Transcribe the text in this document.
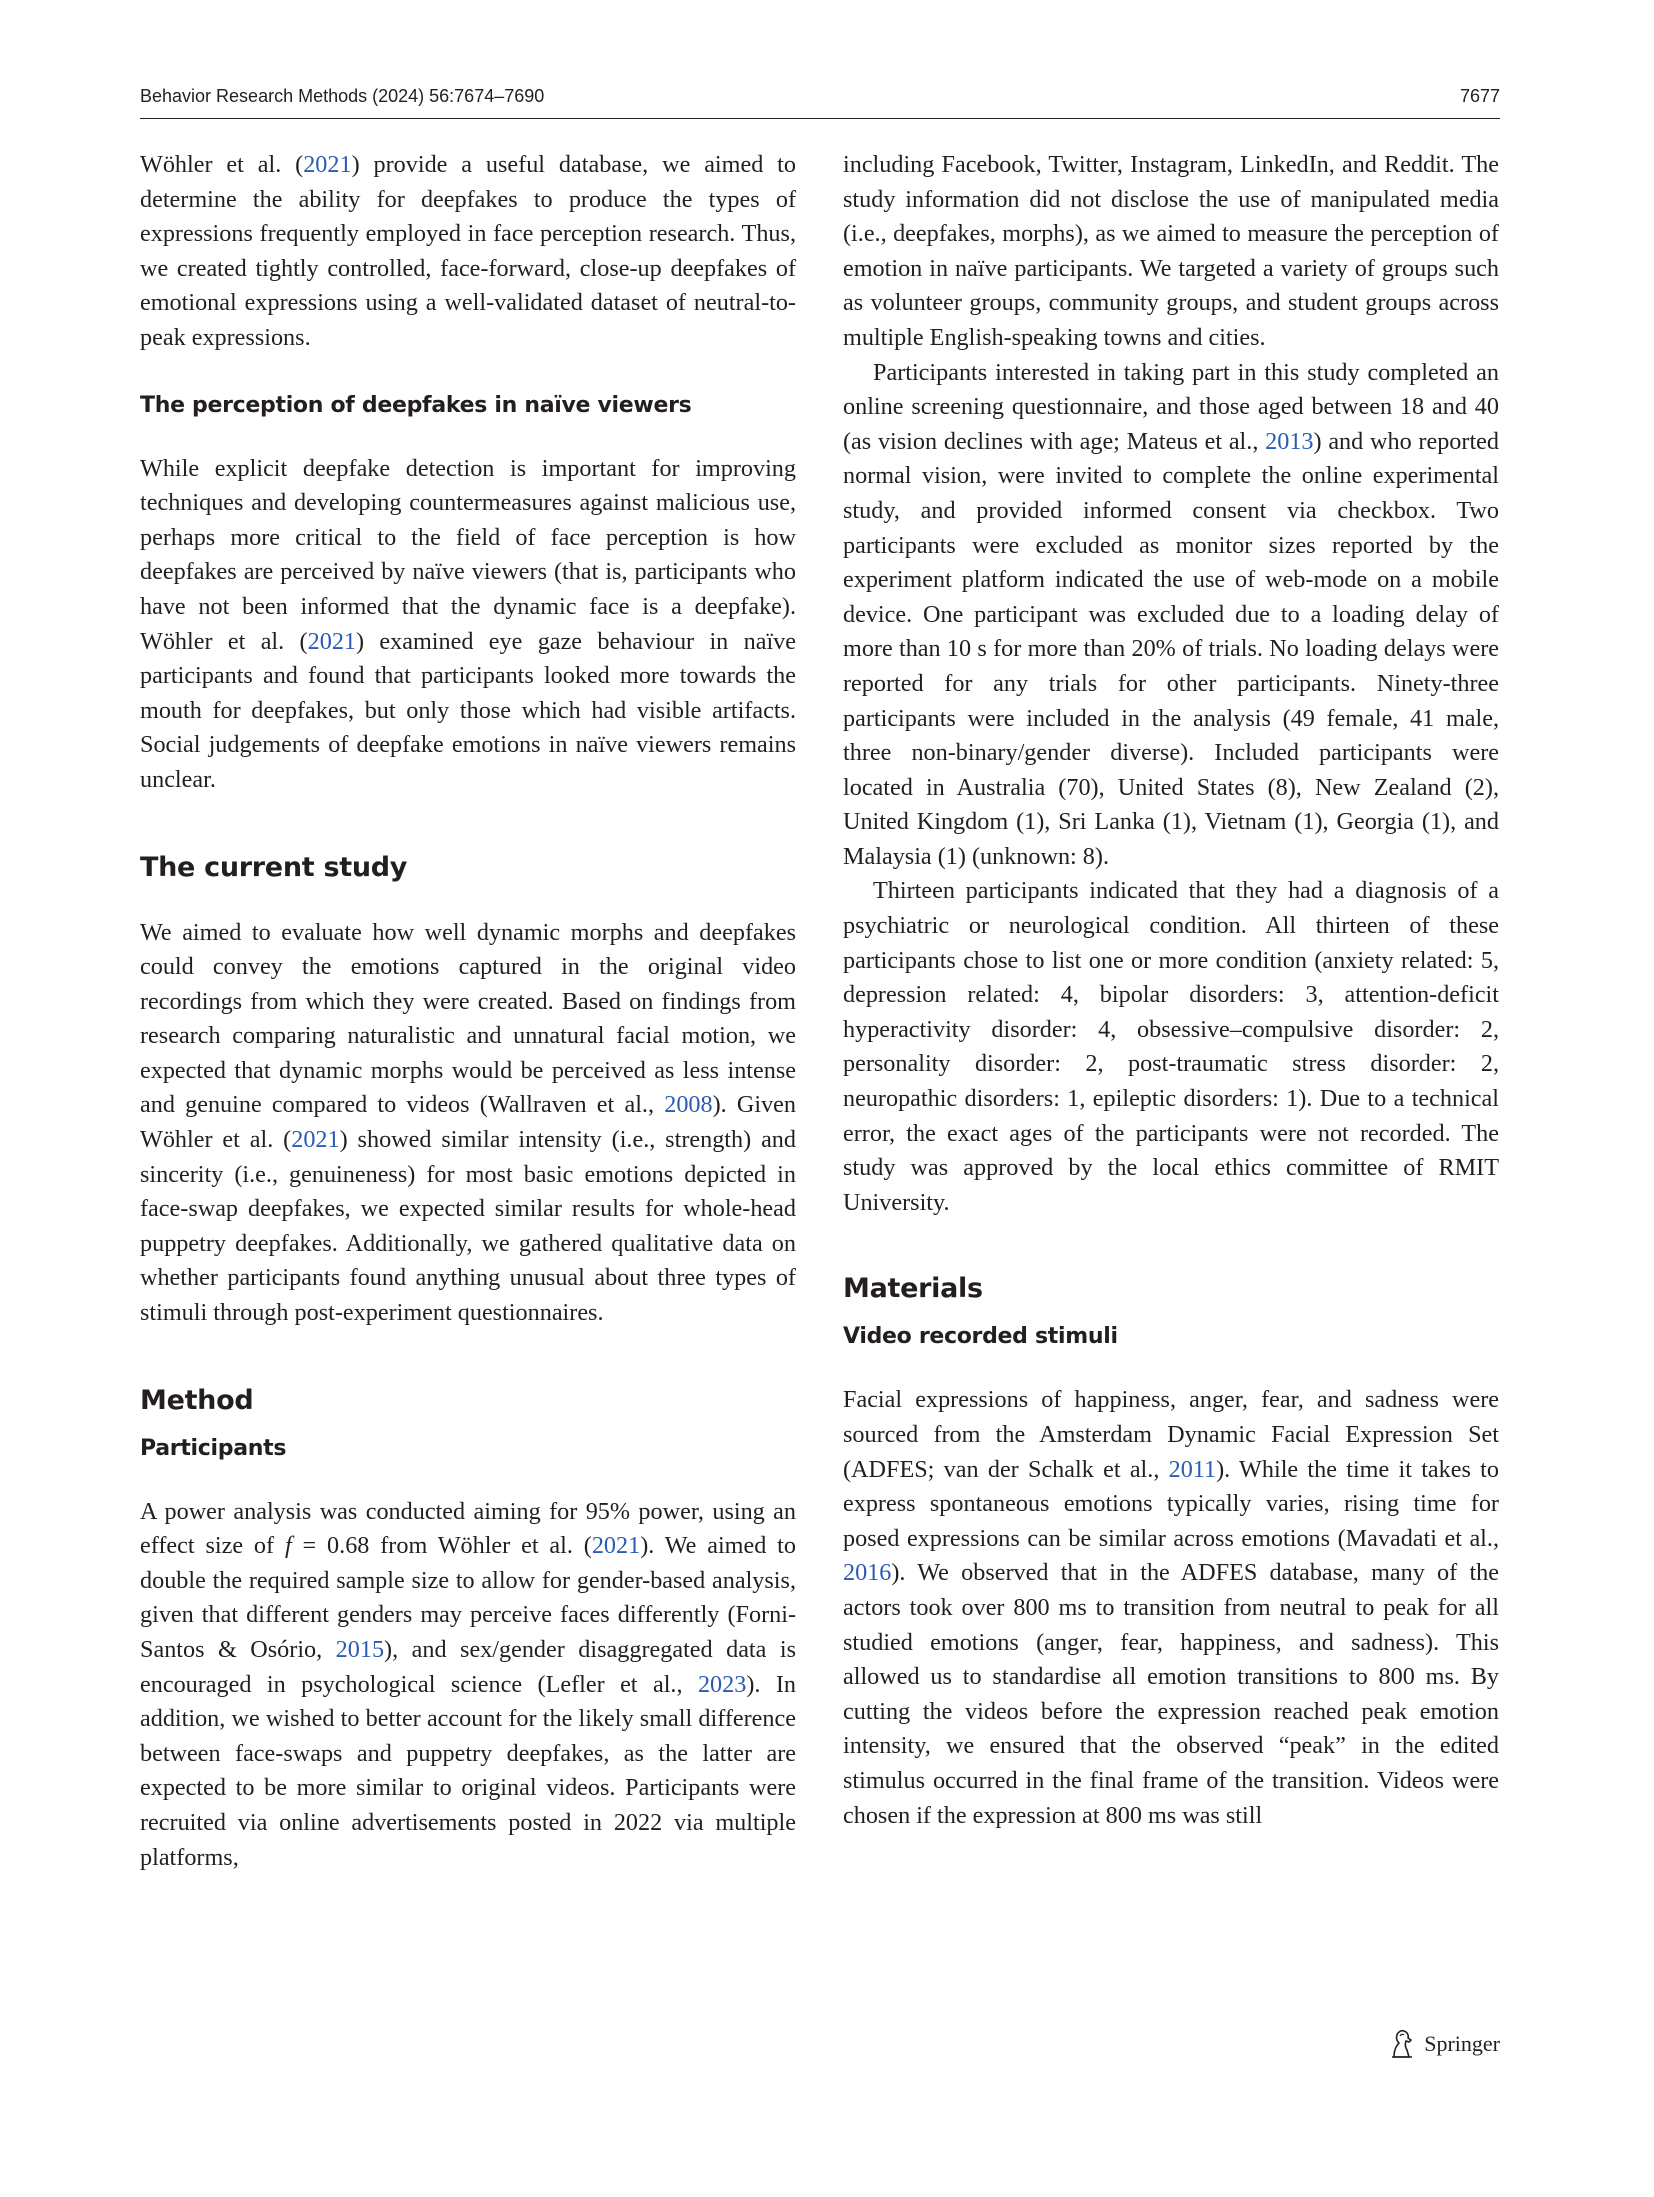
Behavior Research Methods (2024) 56:7674–7690	7677

Wöhler et al. (2021) provide a useful database, we aimed to determine the ability for deepfakes to produce the types of expressions frequently employed in face perception research. Thus, we created tightly controlled, face-forward, close-up deepfakes of emotional expressions using a well-validated dataset of neutral-to-peak expressions.

The perception of deepfakes in naïve viewers

While explicit deepfake detection is important for improving techniques and developing countermeasures against malicious use, perhaps more critical to the field of face perception is how deepfakes are perceived by naïve viewers (that is, participants who have not been informed that the dynamic face is a deepfake). Wöhler et al. (2021) examined eye gaze behaviour in naïve participants and found that participants looked more towards the mouth for deepfakes, but only those which had visible artifacts. Social judgements of deepfake emotions in naïve viewers remains unclear.

The current study

We aimed to evaluate how well dynamic morphs and deepfakes could convey the emotions captured in the original video recordings from which they were created. Based on findings from research comparing naturalistic and unnatural facial motion, we expected that dynamic morphs would be perceived as less intense and genuine compared to videos (Wallraven et al., 2008). Given Wöhler et al. (2021) showed similar intensity (i.e., strength) and sincerity (i.e., genuineness) for most basic emotions depicted in face-swap deepfakes, we expected similar results for whole-head puppetry deepfakes. Additionally, we gathered qualitative data on whether participants found anything unusual about three types of stimuli through post-experiment questionnaires.

Method
Participants

A power analysis was conducted aiming for 95% power, using an effect size of f = 0.68 from Wöhler et al. (2021). We aimed to double the required sample size to allow for gender-based analysis, given that different genders may perceive faces differently (Forni-Santos & Osório, 2015), and sex/gender disaggregated data is encouraged in psychological science (Lefler et al., 2023). In addition, we wished to better account for the likely small difference between face-swaps and puppetry deepfakes, as the latter are expected to be more similar to original videos. Participants were recruited via online advertisements posted in 2022 via multiple platforms,

including Facebook, Twitter, Instagram, LinkedIn, and Reddit. The study information did not disclose the use of manipulated media (i.e., deepfakes, morphs), as we aimed to measure the perception of emotion in naïve participants. We targeted a variety of groups such as volunteer groups, community groups, and student groups across multiple English-speaking towns and cities.

Participants interested in taking part in this study completed an online screening questionnaire, and those aged between 18 and 40 (as vision declines with age; Mateus et al., 2013) and who reported normal vision, were invited to complete the online experimental study, and provided informed consent via checkbox. Two participants were excluded as monitor sizes reported by the experiment platform indicated the use of web-mode on a mobile device. One participant was excluded due to a loading delay of more than 10 s for more than 20% of trials. No loading delays were reported for any trials for other participants. Ninety-three participants were included in the analysis (49 female, 41 male, three non-binary/gender diverse). Included participants were located in Australia (70), United States (8), New Zealand (2), United Kingdom (1), Sri Lanka (1), Vietnam (1), Georgia (1), and Malaysia (1) (unknown: 8).

Thirteen participants indicated that they had a diagnosis of a psychiatric or neurological condition. All thirteen of these participants chose to list one or more condition (anxiety related: 5, depression related: 4, bipolar disorders: 3, attention-deficit hyperactivity disorder: 4, obsessive–compulsive disorder: 2, personality disorder: 2, post-traumatic stress disorder: 2, neuropathic disorders: 1, epileptic disorders: 1). Due to a technical error, the exact ages of the participants were not recorded. The study was approved by the local ethics committee of RMIT University.

Materials
Video recorded stimuli

Facial expressions of happiness, anger, fear, and sadness were sourced from the Amsterdam Dynamic Facial Expression Set (ADFES; van der Schalk et al., 2011). While the time it takes to express spontaneous emotions typically varies, rising time for posed expressions can be similar across emotions (Mavadati et al., 2016). We observed that in the ADFES database, many of the actors took over 800 ms to transition from neutral to peak for all studied emotions (anger, fear, happiness, and sadness). This allowed us to standardise all emotion transitions to 800 ms. By cutting the videos before the expression reached peak emotion intensity, we ensured that the observed “peak” in the edited stimulus occurred in the final frame of the transition. Videos were chosen if the expression at 800 ms was still

Springer
